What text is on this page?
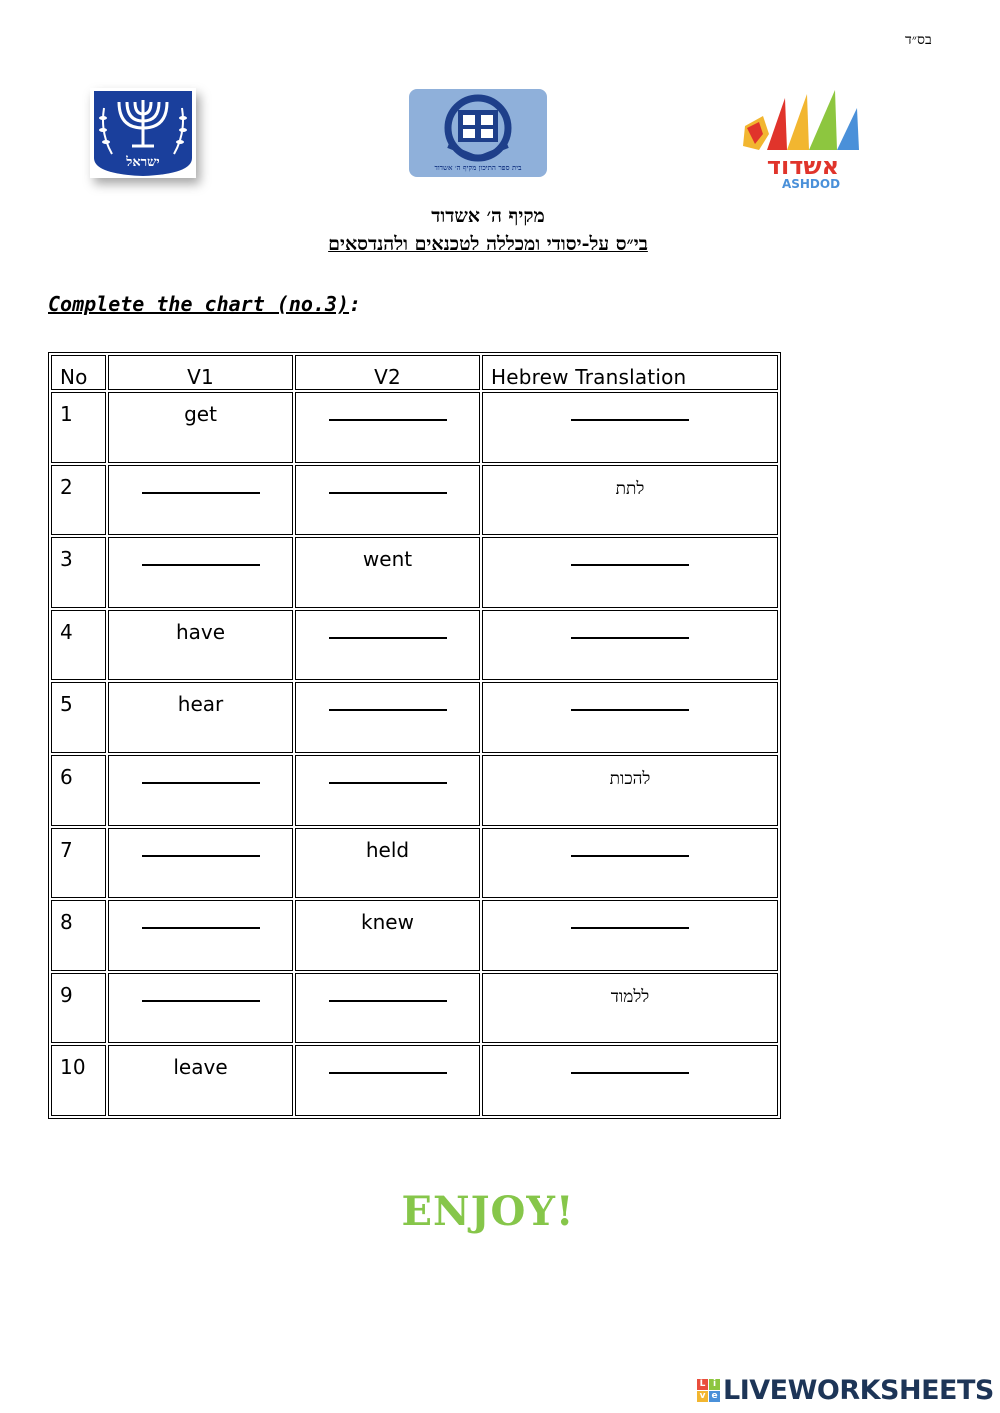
בס״ד
ישראל	בית ספר התיכון מקיף ה׳ אשדוד	אשדוד
ASHDOD
מקיף ה׳ אשדוד
בי״ס על-יסודי ומכללה לטכנאים ולהנדסאים
Complete the chart (no.3):
No	V1	V2	Hebrew Translation
1	get		
2			לתת
3		went	
4	have		
5	hear		
6			להכות
7		held	
8		knew	
9			ללמוד
10	leave		
ENJOY!
L i
v e LIVEWORKSHEETS
